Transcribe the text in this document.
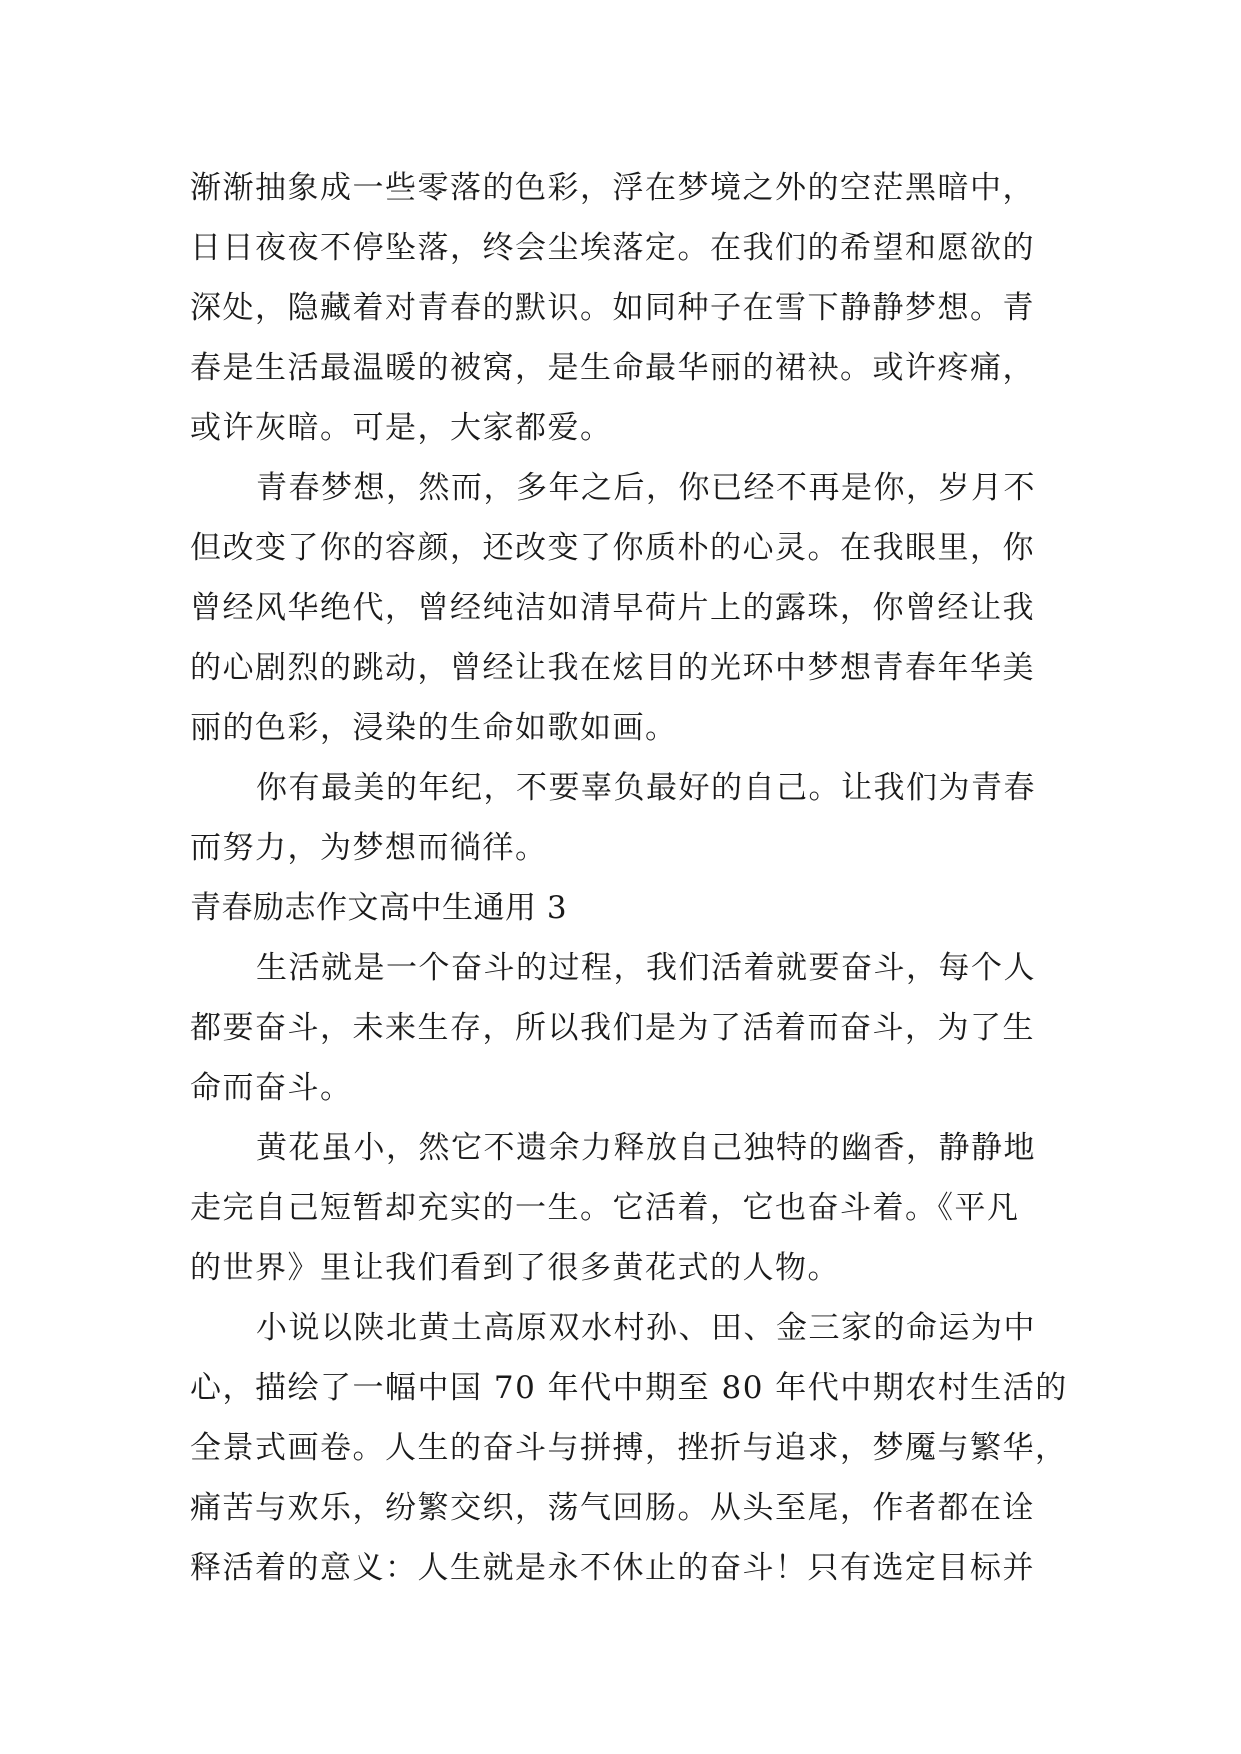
渐渐抽象成一些零落的色彩，浮在梦境之外的空茫黑暗中，
日日夜夜不停坠落，终会尘埃落定。在我们的希望和愿欲的
深处，隐藏着对青春的默识。如同种子在雪下静静梦想。青
春是生活最温暖的被窝，是生命最华丽的裙袂。或许疼痛，
或许灰暗。可是，大家都爱。
青春梦想，然而，多年之后，你已经不再是你，岁月不
但改变了你的容颜，还改变了你质朴的心灵。在我眼里，你
曾经风华绝代，曾经纯洁如清早荷片上的露珠，你曾经让我
的心剧烈的跳动，曾经让我在炫目的光环中梦想青春年华美
丽的色彩，浸染的生命如歌如画。
你有最美的年纪，不要辜负最好的自己。让我们为青春
而努力，为梦想而徜徉。
青春励志作文高中生通用 3
生活就是一个奋斗的过程，我们活着就要奋斗，每个人
都要奋斗，未来生存，所以我们是为了活着而奋斗，为了生
命而奋斗。
黄花虽小，然它不遗余力释放自己独特的幽香，静静地
走完自己短暂却充实的一生。它活着，它也奋斗着。《平凡
的世界》里让我们看到了很多黄花式的人物。
小说以陕北黄土高原双水村孙、田、金三家的命运为中
心，描绘了一幅中国 70 年代中期至 80 年代中期农村生活的
全景式画卷。人生的奋斗与拼搏，挫折与追求，梦魇与繁华，
痛苦与欢乐，纷繁交织，荡气回肠。从头至尾，作者都在诠
释活着的意义：人生就是永不休止的奋斗！只有选定目标并
